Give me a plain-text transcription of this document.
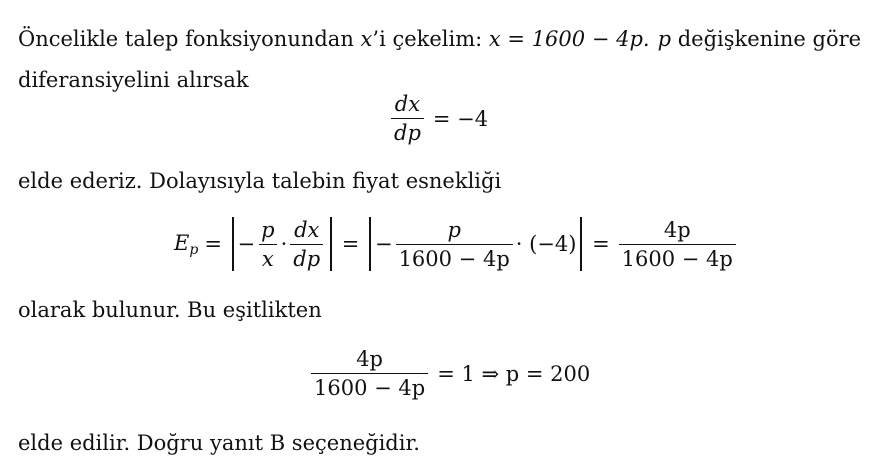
Öncelikle talep fonksiyonundan x’i çekelim: x = 1600 − 4p. p değişkenine göre
diferansiyelini alırsak
$\frac{dx}{dp} = -4$
elde ederiz. Dolayısıyla talebin fiyat esnekliği
$E_p$ = − $\frac{p}{x} \cdot \frac{dx}{dp}$ = − $\frac{p}{1600 - 4p} \cdot (-4) = \frac{4p}{1600 - 4p}$
olarak bulunur. Bu eşitlikten
$\frac{4p}{1600 - 4p} = 1$ ⇒ p = 200
elde edilir. Doğru yanıt B seçeneğidir.
